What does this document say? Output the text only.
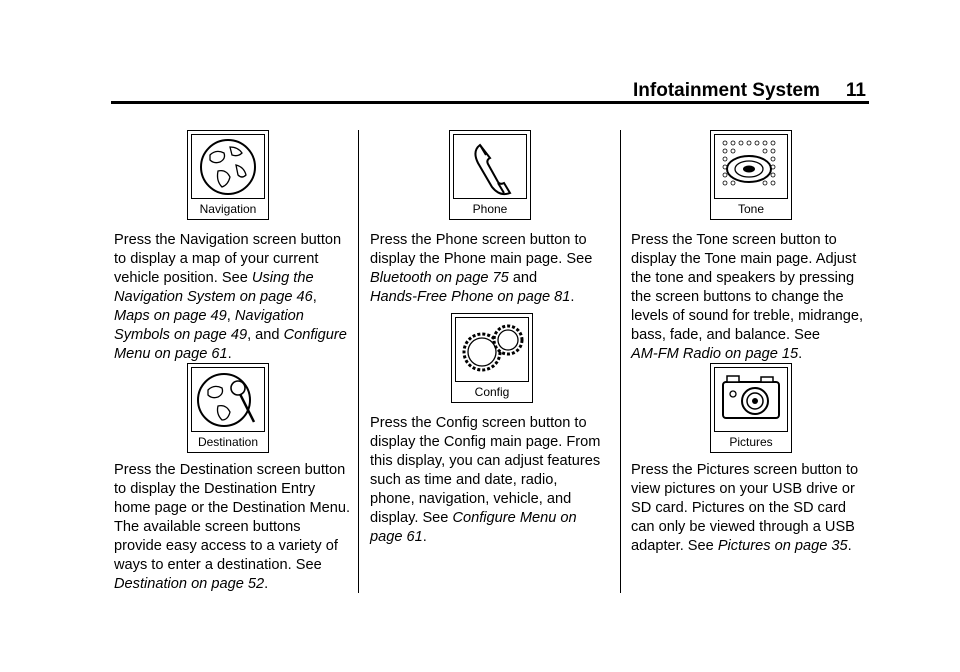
Infotainment System 11
Navigation
Press the Navigation screen button
to display a map of your current
vehicle position. See Using the
Navigation System on page 46,
Maps on page 49, Navigation
Symbols on page 49, and Configure
Menu on page 61.
Destination
Press the Destination screen button
to display the Destination Entry
home page or the Destination Menu.
The available screen buttons
provide easy access to a variety of
ways to enter a destination. See
Destination on page 52.
Phone
Press the Phone screen button to
display the Phone main page. See
Bluetooth on page 75 and
Hands-Free Phone on page 81.
Config
Press the Config screen button to
display the Config main page. From
this display, you can adjust features
such as time and date, radio,
phone, navigation, vehicle, and
display. See Configure Menu on
page 61.
Tone
Press the Tone screen button to
display the Tone main page. Adjust
the tone and speakers by pressing
the screen buttons to change the
levels of sound for treble, midrange,
bass, fade, and balance. See
AM-FM Radio on page 15.
Pictures
Press the Pictures screen button to
view pictures on your USB drive or
SD card. Pictures on the SD card
can only be viewed through a USB
adapter. See Pictures on page 35.
